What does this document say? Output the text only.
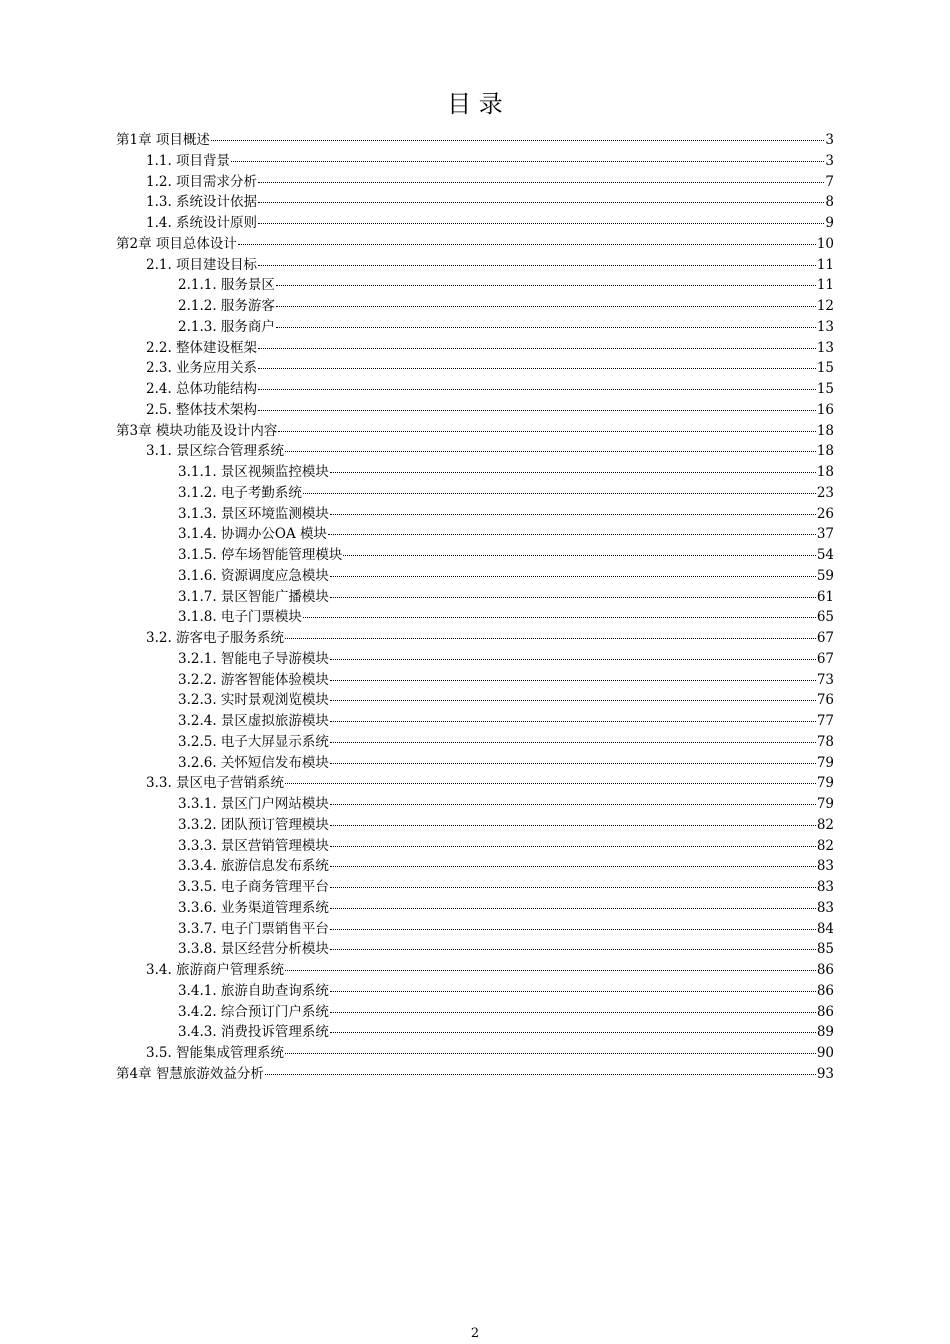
目 录
第1章 项目概述	3
1.1. 项目背景	3
1.2. 项目需求分析	7
1.3. 系统设计依据	8
1.4. 系统设计原则	9
第2章 项目总体设计	10
2.1. 项目建设目标	11
2.1.1. 服务景区	11
2.1.2. 服务游客	12
2.1.3. 服务商户	13
2.2. 整体建设框架	13
2.3. 业务应用关系	15
2.4. 总体功能结构	15
2.5. 整体技术架构	16
第3章 模块功能及设计内容	18
3.1. 景区综合管理系统	18
3.1.1. 景区视频监控模块	18
3.1.2. 电子考勤系统	23
3.1.3. 景区环境监测模块	26
3.1.4. 协调办公OA 模块	37
3.1.5. 停车场智能管理模块	54
3.1.6. 资源调度应急模块	59
3.1.7. 景区智能广播模块	61
3.1.8. 电子门票模块	65
3.2. 游客电子服务系统	67
3.2.1. 智能电子导游模块	67
3.2.2. 游客智能体验模块	73
3.2.3. 实时景观浏览模块	76
3.2.4. 景区虚拟旅游模块	77
3.2.5. 电子大屏显示系统	78
3.2.6. 关怀短信发布模块	79
3.3. 景区电子营销系统	79
3.3.1. 景区门户网站模块	79
3.3.2. 团队预订管理模块	82
3.3.3. 景区营销管理模块	82
3.3.4. 旅游信息发布系统	83
3.3.5. 电子商务管理平台	83
3.3.6. 业务渠道管理系统	83
3.3.7. 电子门票销售平台	84
3.3.8. 景区经营分析模块	85
3.4. 旅游商户管理系统	86
3.4.1. 旅游自助查询系统	86
3.4.2. 综合预订门户系统	86
3.4.3. 消费投诉管理系统	89
3.5. 智能集成管理系统	90
第4章 智慧旅游效益分析	93
2
